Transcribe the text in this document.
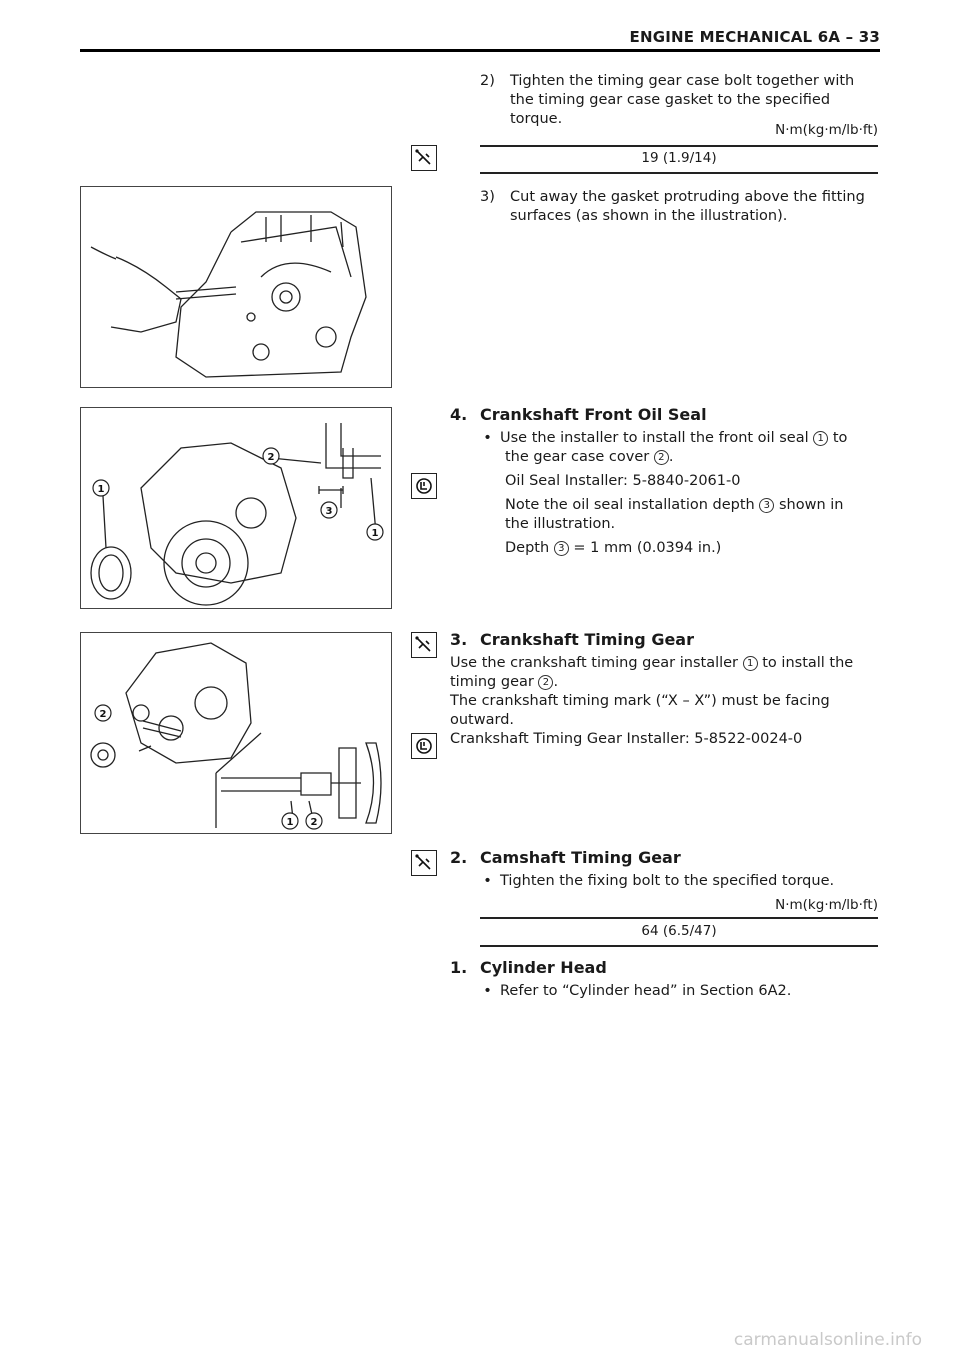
ENGINE MECHANICAL 6A – 33
2) Tighten the timing gear case bolt together with
the timing gear case gasket to the specified
torque.
N·m(kg·m/lb·ft)
19 (1.9/14)
3) Cut away the gasket protruding above the fitting
surfaces (as shown in the illustration).
1
2
3
1
4. Crankshaft Front Oil Seal
• Use the installer to install the front oil seal 1 to
the gear case cover 2 .
Oil Seal Installer: 5-8840-2061-0
Note the oil seal installation depth 3 shown in
the illustration.
Depth 3 = 1 mm (0.0394 in.)
2
1 2
3. Crankshaft Timing Gear
Use the crankshaft timing gear installer 1 to install the
timing gear 2 .
The crankshaft timing mark (“X – X”) must be facing
outward.
Crankshaft Timing Gear Installer: 5-8522-0024-0
2. Camshaft Timing Gear
• Tighten the fixing bolt to the specified torque.
N·m(kg·m/lb·ft)
64 (6.5/47)
1. Cylinder Head
• Refer to “Cylinder head” in Section 6A2.
carmanualsonline.info
